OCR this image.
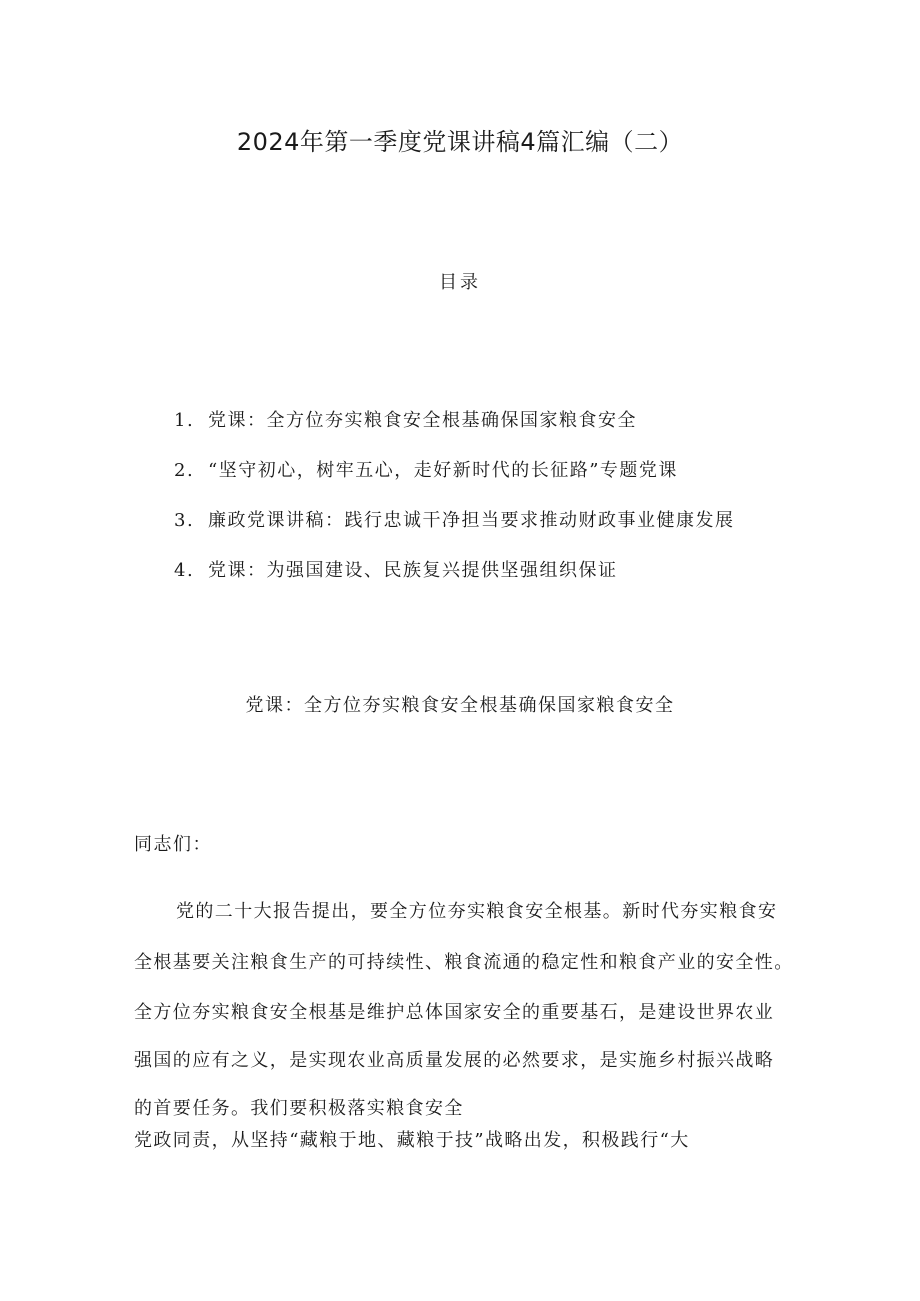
2024年第一季度党课讲稿4篇汇编（二）
目录
1. 党课：全方位夯实粮食安全根基确保国家粮食安全
2. “坚守初心，树牢五心，走好新时代的长征路”专题党课
3. 廉政党课讲稿：践行忠诚干净担当要求推动财政事业健康发展
4. 党课：为强国建设、民族复兴提供坚强组织保证
党课：全方位夯实粮食安全根基确保国家粮食安全
同志们：
党的二十大报告提出，要全方位夯实粮食安全根基。新时代夯实粮食安
全根基要关注粮食生产的可持续性、粮食流通的稳定性和粮食产业的安全性。
全方位夯实粮食安全根基是维护总体国家安全的重要基石，是建设世界农业
强国的应有之义，是实现农业高质量发展的必然要求，是实施乡村振兴战略
的首要任务。我们要积极落实粮食安全
党政同责，从坚持“藏粮于地、藏粮于技”战略出发，积极践行“大
